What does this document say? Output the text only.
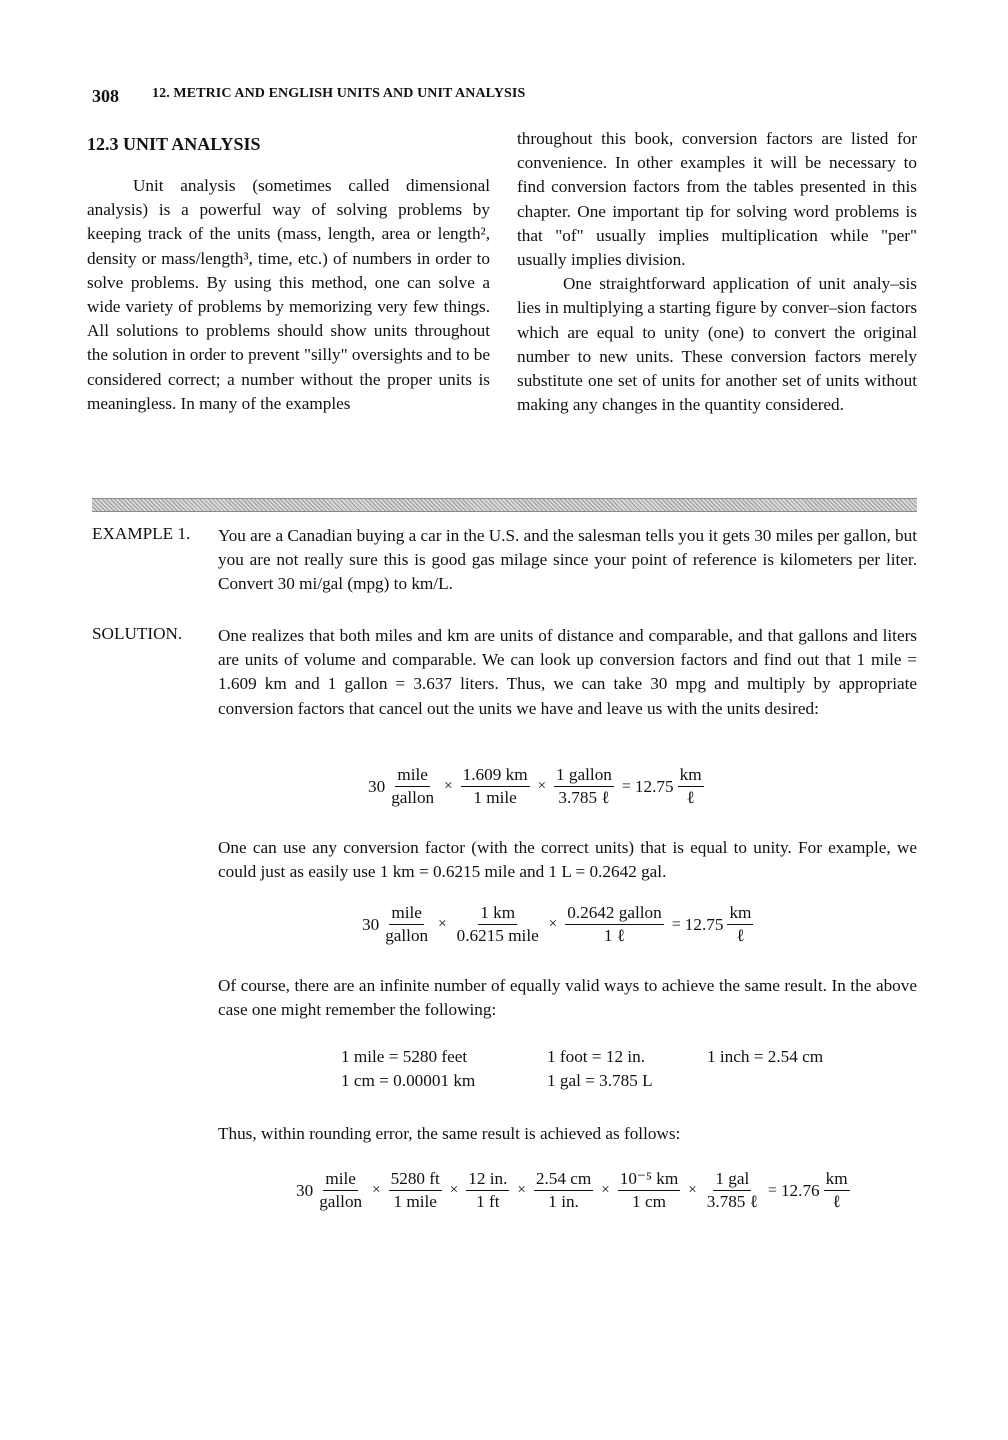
308 12. METRIC AND ENGLISH UNITS AND UNIT ANALYSIS
12.3 UNIT ANALYSIS

Unit analysis (sometimes called dimensional analysis) is a powerful way of solving problems by keeping track of the units (mass, length, area or length², density or mass/length³, time, etc.) of numbers in order to solve problems. By using this method, one can solve a wide variety of problems by memorizing very few things. All solutions to problems should show units throughout the solution in order to prevent "silly" oversights and to be considered correct; a number without the proper units is meaningless. In many of the examples

throughout this book, conversion factors are listed for convenience. In other examples it will be necessary to find conversion factors from the tables presented in this chapter. One important tip for solving word problems is that "of" usually implies multiplication while "per" usually implies division.

One straightforward application of unit analy–sis lies in multiplying a starting figure by conver–sion factors which are equal to unity (one) to convert the original number to new units. These conversion factors merely substitute one set of units for another set of units without making any changes in the quantity considered.

EXAMPLE 1. You are a Canadian buying a car in the U.S. and the salesman tells you it gets 30 miles per gallon, but you are not really sure this is good gas milage since your point of reference is kilometers per liter. Convert 30 mi/gal (mpg) to km/L.

SOLUTION. One realizes that both miles and km are units of distance and comparable, and that gallons and liters are units of volume and comparable. We can look up conversion factors and find out that 1 mile = 1.609 km and 1 gallon = 3.637 liters. Thus, we can take 30 mpg and multiply by appropriate conversion factors that cancel out the units we have and leave us with the units desired:

$30 \frac{\text{mile}}{\text{gallon}} \times \frac{1.609 km}{\text{1 mile}} \times \frac{\text{1 gallon}}{\text{3.785 ℓ}} = 12.75 \frac{km}{\text{ℓ}}$

One can use any conversion factor (with the correct units) that is equal to unity. For example, we could just as easily use 1 km = 0.6215 mile and 1 L = 0.2642 gal.

$30 \frac{\text{mile}}{\text{gallon}} \times \frac{1 km}{\text{0.6215 mile}} \times \frac{\text{0.2642 gallon}}{\text{1 ℓ}} = 12.75 \frac{km}{\text{ℓ}}$

Of course, there are an infinite number of equally valid ways to achieve the same result. In the above case one might remember the following:

1 mile = 5280 feet	1 foot = 12 in.	1 inch = 2.54 cm
1 cm = 0.00001 km	1 gal = 3.785 L

Thus, within rounding error, the same result is achieved as follows:

$30 \frac{\text{mile}}{\text{gallon}} \times \frac{5280 ft}{\text{1 mile}} \times \frac{12 in.}{1 ft} \times \frac{2.54 cm}{1 in.} \times \frac{\text{10⁻⁵ km}}{1 cm} \times \frac{\text{1 gal}}{\text{3.785 ℓ}} = 12.76 \frac{km}{\text{ℓ}}$
